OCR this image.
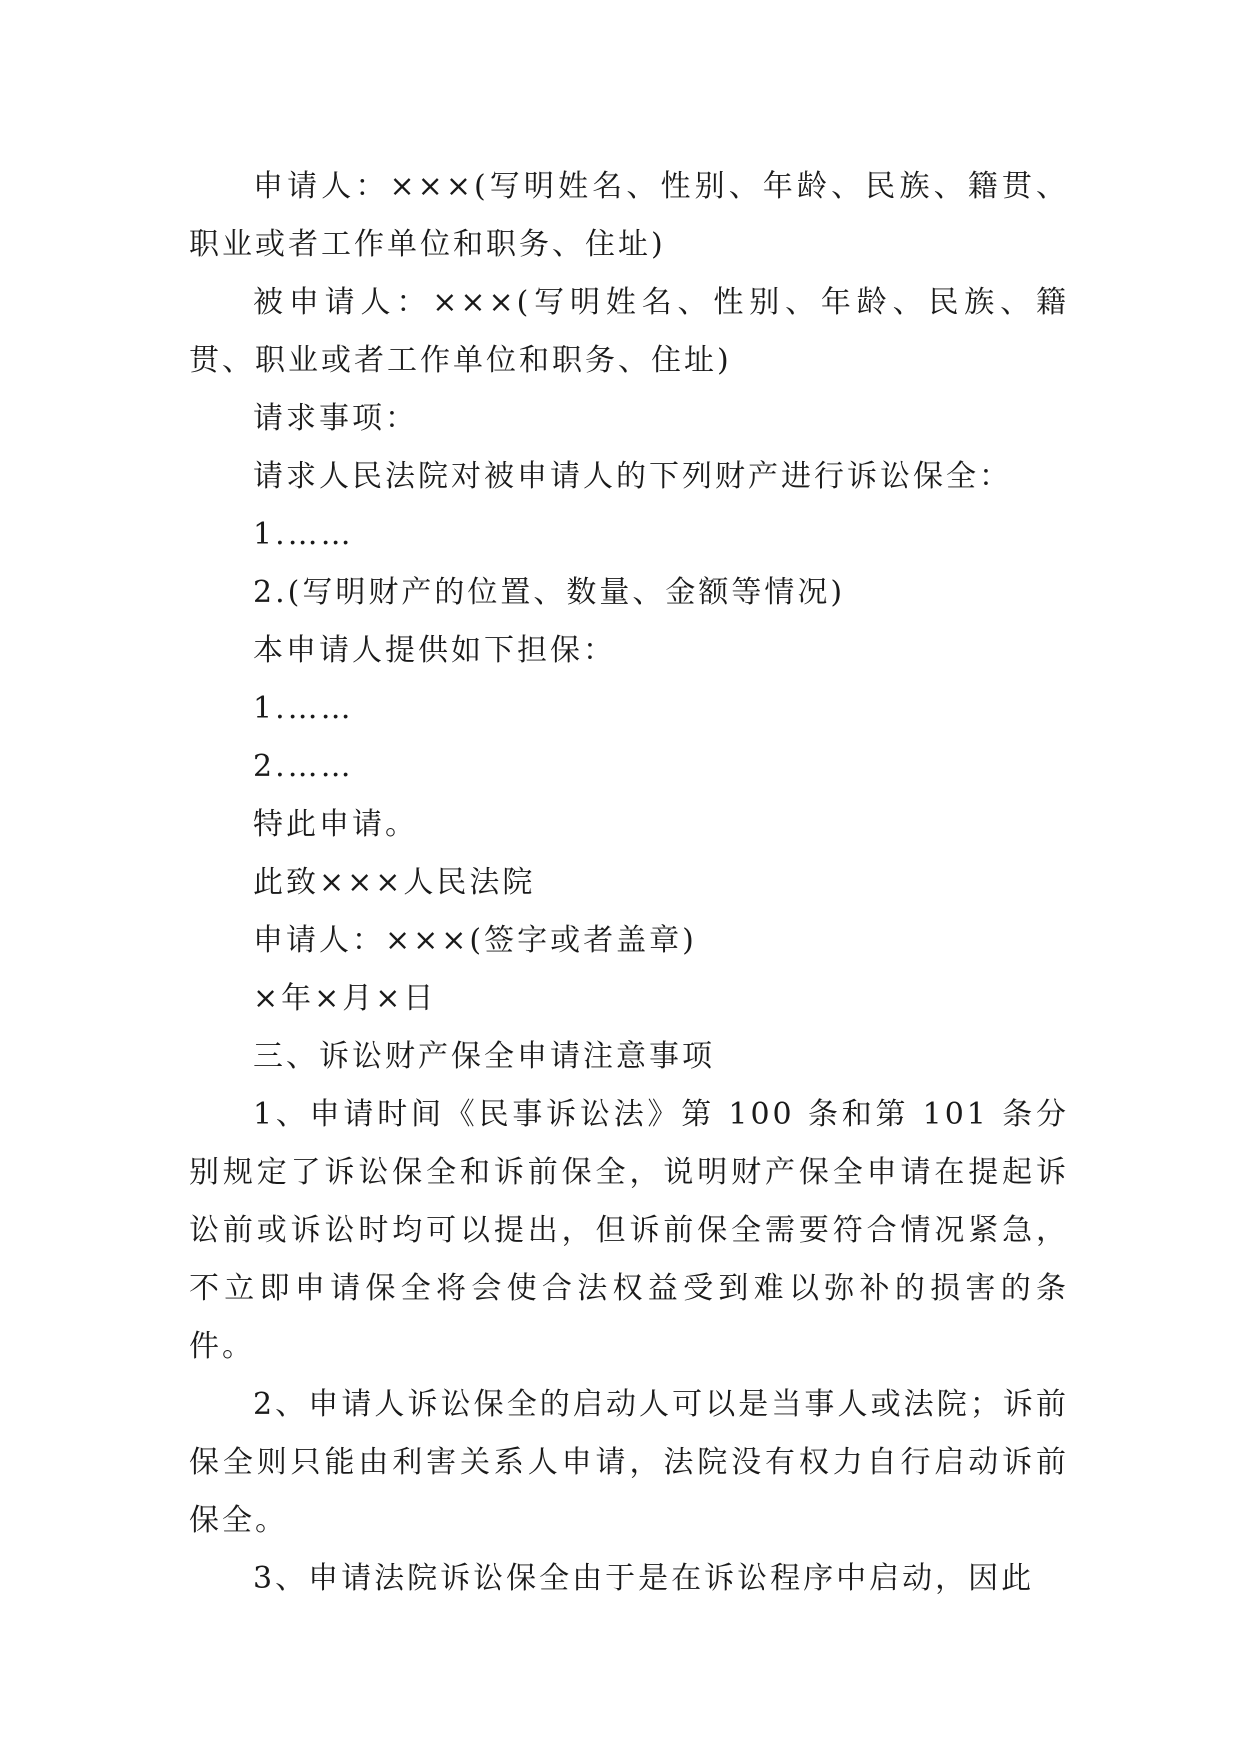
申请人：×××(写明姓名、性别、年龄、民族、籍贯、职业或者工作单位和职务、住址)

被申请人：×××(写明姓名、性别、年龄、民族、籍贯、职业或者工作单位和职务、住址)

请求事项：

请求人民法院对被申请人的下列财产进行诉讼保全：

1.……

2.(写明财产的位置、数量、金额等情况)

本申请人提供如下担保：

1.……

2.……

特此申请。

此致×××人民法院

申请人：×××(签字或者盖章)

×年×月×日

三、诉讼财产保全申请注意事项

1、申请时间《民事诉讼法》第 100 条和第 101 条分别规定了诉讼保全和诉前保全，说明财产保全申请在提起诉讼前或诉讼时均可以提出，但诉前保全需要符合情况紧急，不立即申请保全将会使合法权益受到难以弥补的损害的条件。

2、申请人诉讼保全的启动人可以是当事人或法院；诉前保全则只能由利害关系人申请，法院没有权力自行启动诉前保全。

3、申请法院诉讼保全由于是在诉讼程序中启动，因此
